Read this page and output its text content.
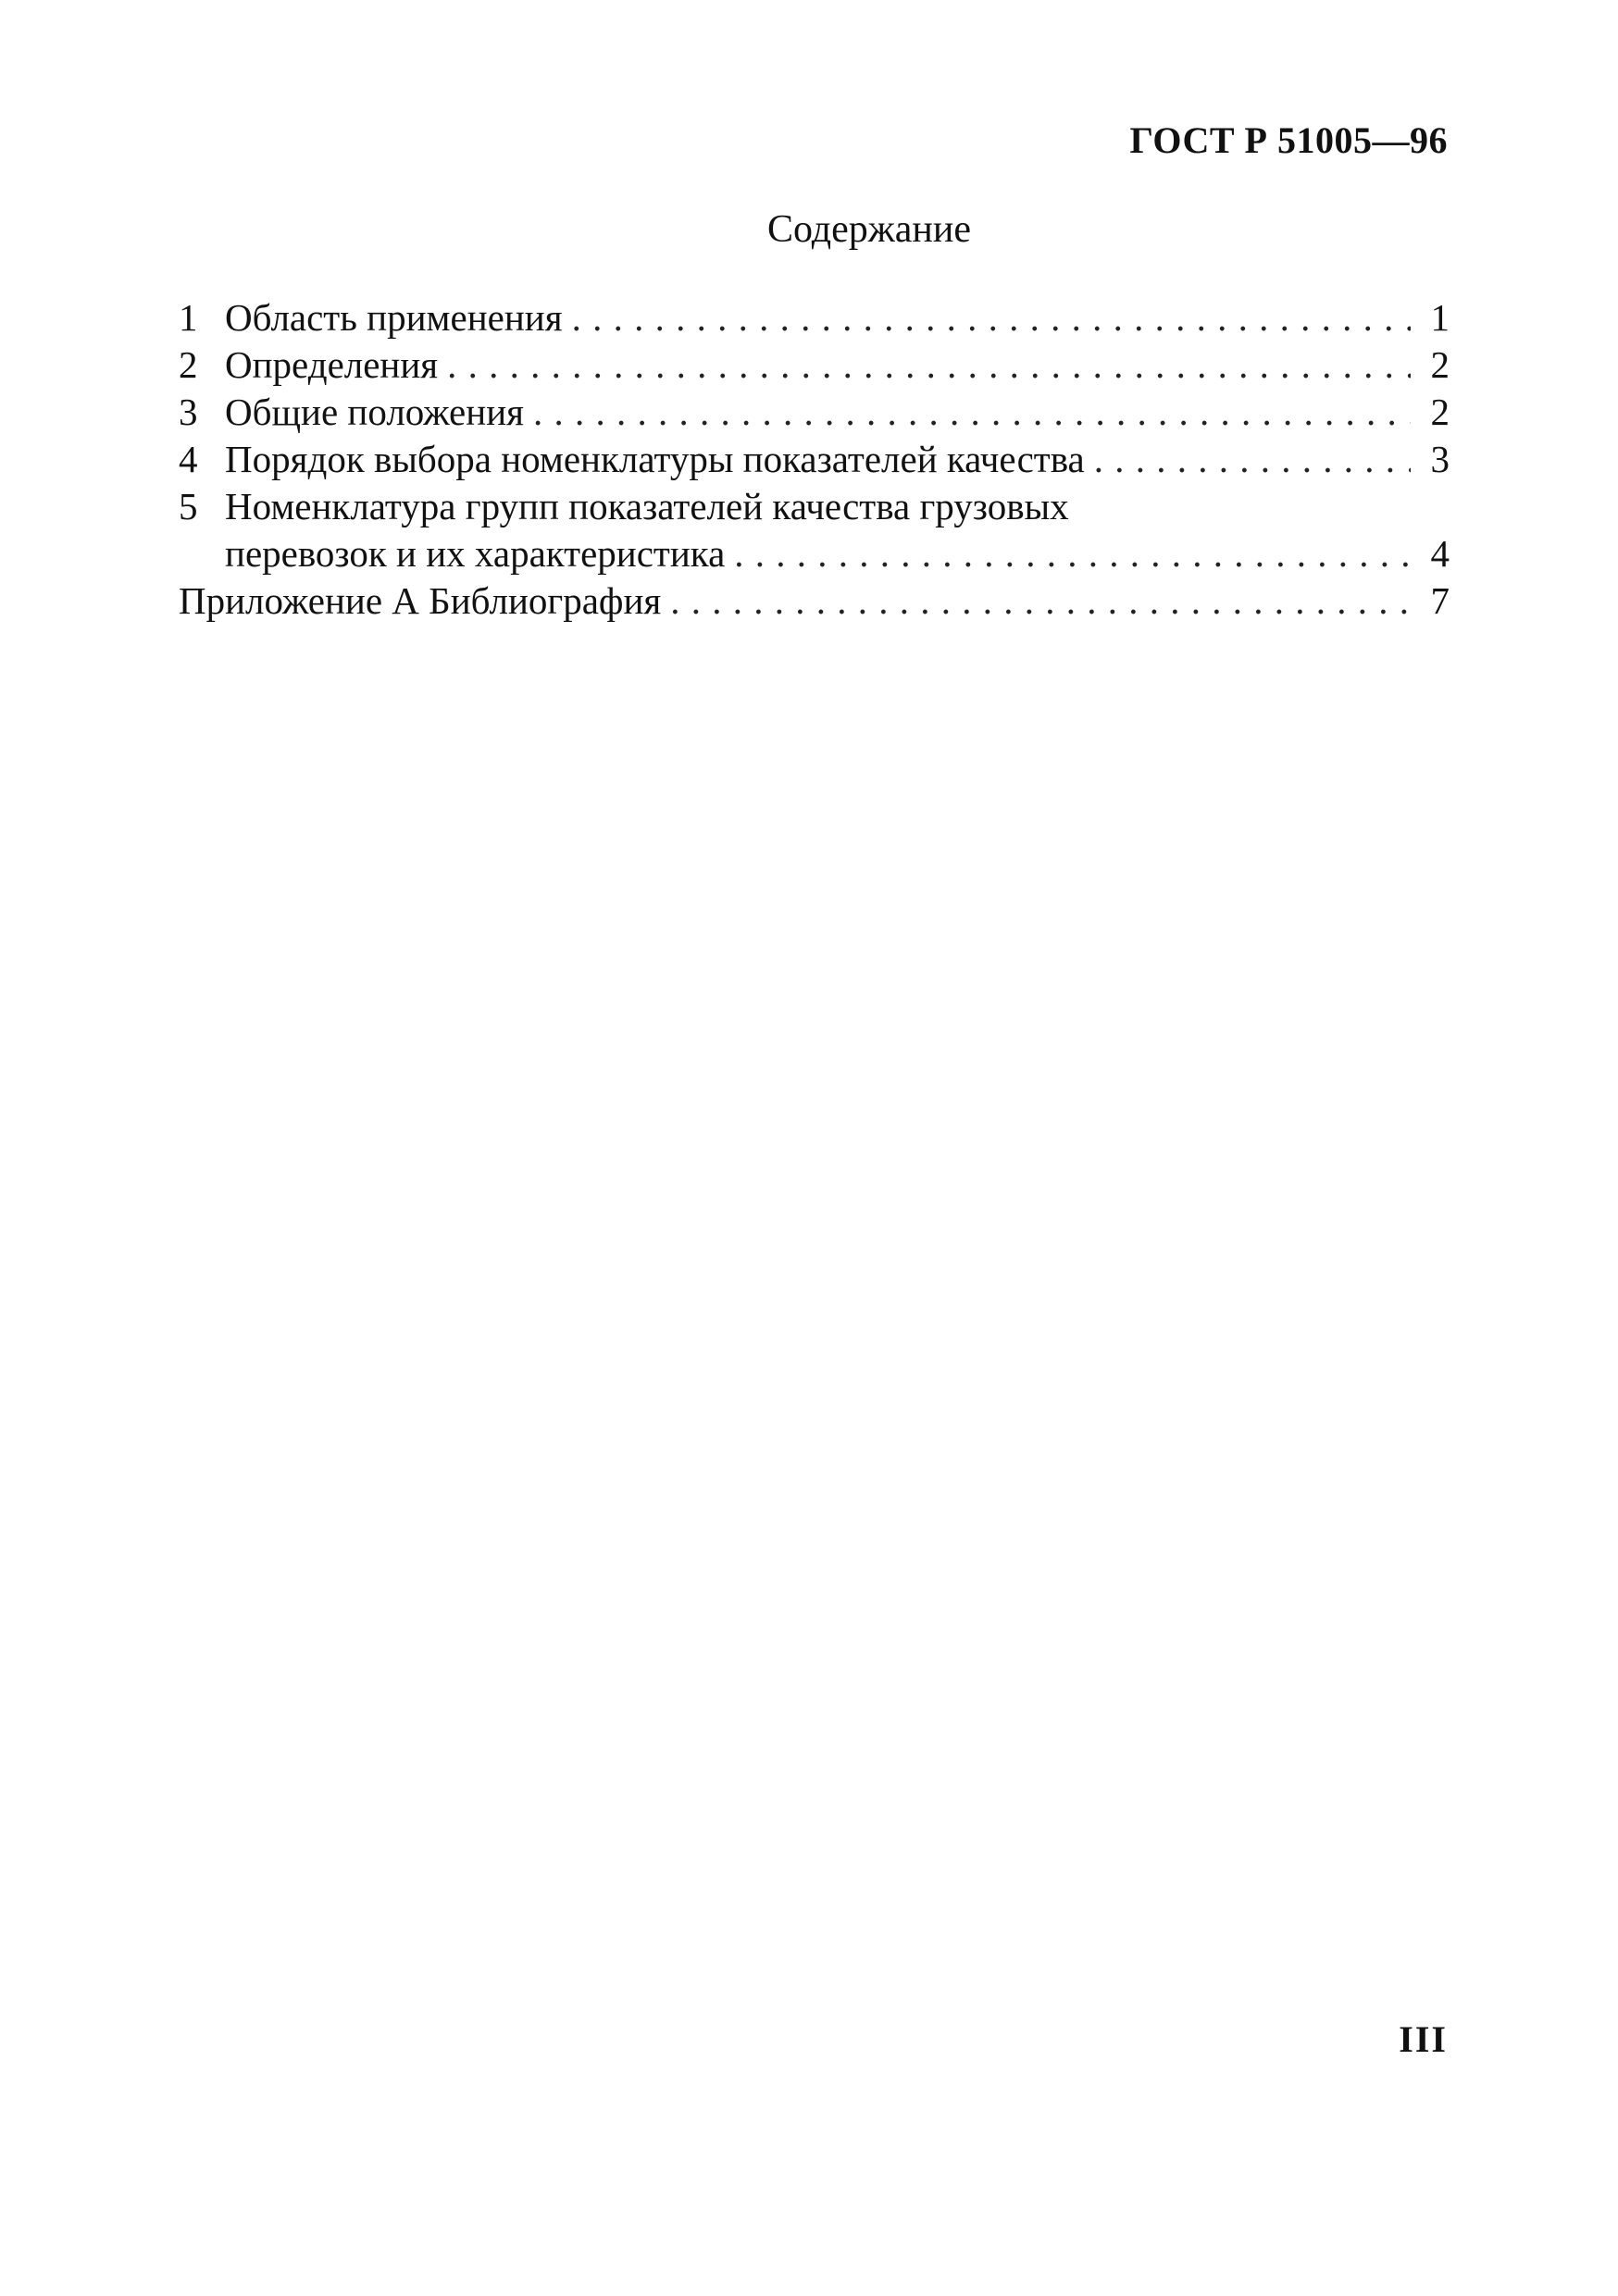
ГОСТ Р 51005—96
Содержание
1 Область применения . . .	1
2 Определения . . .	2
3 Общие положения . . .	2
4 Порядок выбора номенклатуры показателей качества . . .	3
5 Номенклатура групп показателей качества грузовых
перевозок и их характеристика . . .	4
Приложение А Библиография . . .	7
III
